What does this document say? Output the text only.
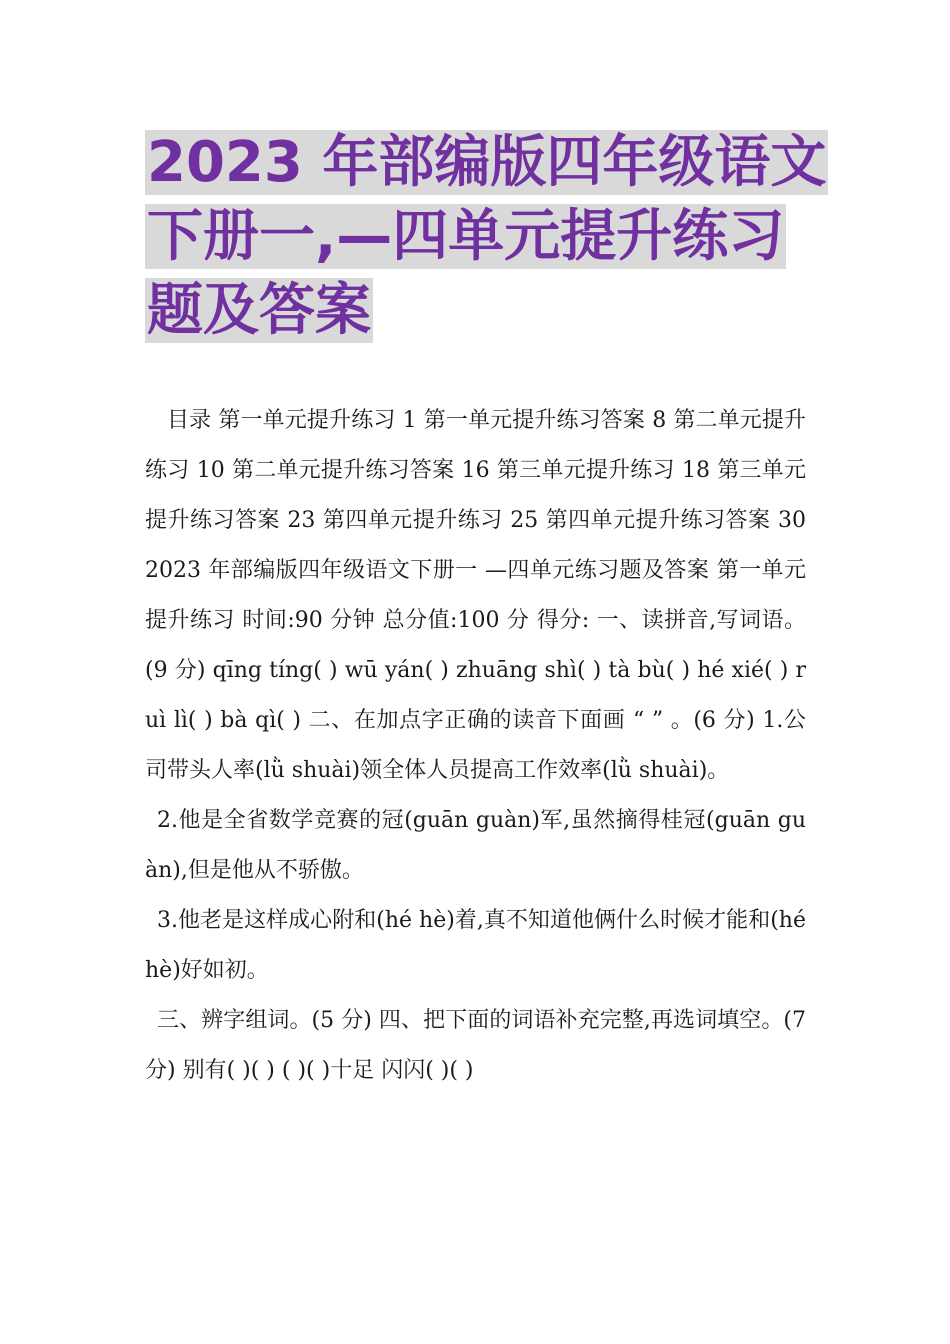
2023 年部编版四年级语文
下册一,—四单元提升练习
题及答案

目录 第一单元提升练习 1 第一单元提升练习答案 8 第二单元提升练习 10 第二单元提升练习答案 16 第三单元提升练习 18 第三单元提升练习答案 23 第四单元提升练习 25 第四单元提升练习答案 30 2023 年部编版四年级语文下册一 —四单元练习题及答案 第一单元提升练习 时间:90 分钟 总分值:100 分 得分: 一、读拼音,写词语。(9 分) qīng tíng( ) wū yán( ) zhuāng shì( ) tà bù( ) hé xié( ) ruì lì( ) bà qì( ) 二、在加点字正确的读音下面画 “ ” 。(6 分) 1.公司带头人率(lǜ shuài)领全体人员提高工作效率(lǜ shuài)。

2.他是全省数学竞赛的冠(guān guàn)军,虽然摘得桂冠(guān guàn),但是他从不骄傲。

3.他老是这样成心附和(hé hè)着,真不知道他俩什么时候才能和(hé hè)好如初。

三、辨字组词。(5 分) 四、把下面的词语补充完整,再选词填空。(7 分) 别有( )( ) ( )( )十足 闪闪( )( )
